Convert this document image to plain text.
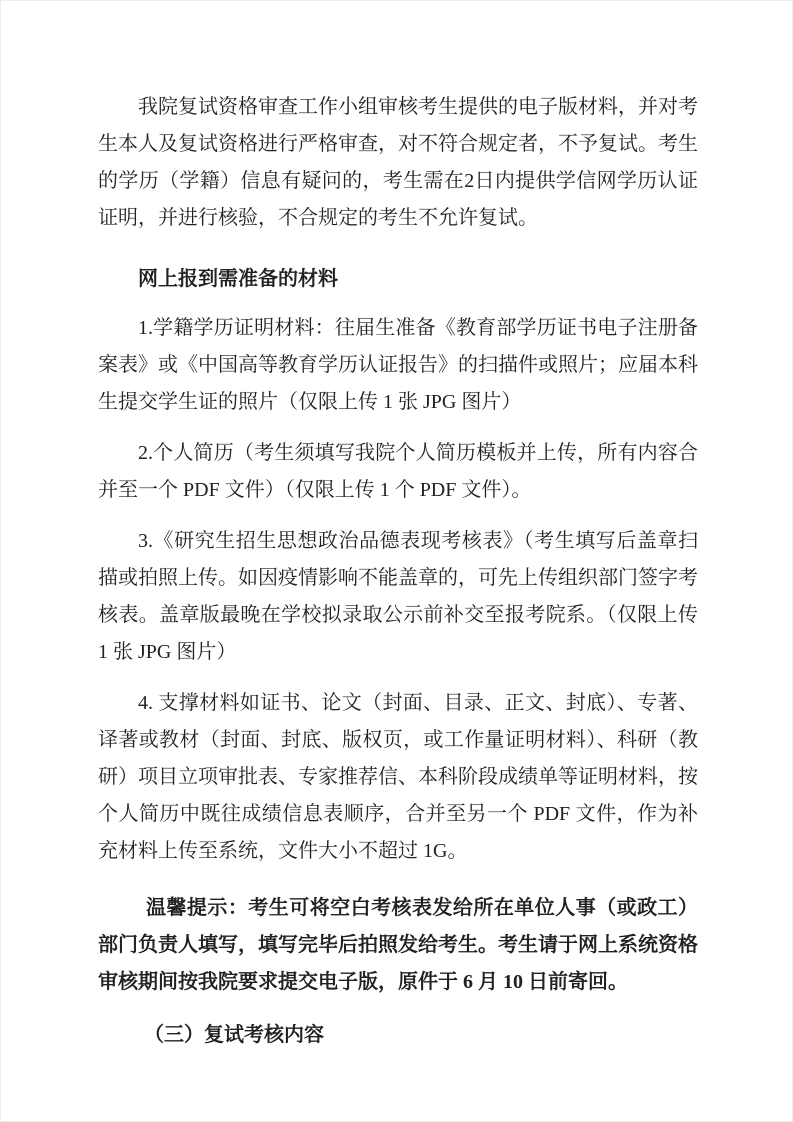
我院复试资格审查工作小组审核考生提供的电子版材料，并对考生本人及复试资格进行严格审查，对不符合规定者，不予复试。考生的学历（学籍）信息有疑问的，考生需在2日内提供学信网学历认证证明，并进行核验，不合规定的考生不允许复试。

网上报到需准备的材料

1.学籍学历证明材料：往届生准备《教育部学历证书电子注册备案表》或《中国高等教育学历认证报告》的扫描件或照片；应届本科生提交学生证的照片（仅限上传 1 张 JPG 图片）

2.个人简历（考生须填写我院个人简历模板并上传，所有内容合并至一个 PDF 文件）（仅限上传 1 个 PDF 文件）。

3.《研究生招生思想政治品德表现考核表》（考生填写后盖章扫描或拍照上传。如因疫情影响不能盖章的，可先上传组织部门签字考核表。盖章版最晚在学校拟录取公示前补交至报考院系。（仅限上传 1 张 JPG 图片）

4. 支撑材料如证书、论文（封面、目录、正文、封底）、专著、译著或教材（封面、封底、版权页，或工作量证明材料）、科研（教研）项目立项审批表、专家推荐信、本科阶段成绩单等证明材料，按个人简历中既往成绩信息表顺序，合并至另一个 PDF 文件，作为补充材料上传至系统，文件大小不超过 1G。

温馨提示：考生可将空白考核表发给所在单位人事（或政工）部门负责人填写，填写完毕后拍照发给考生。考生请于网上系统资格审核期间按我院要求提交电子版，原件于 6 月 10 日前寄回。

（三）复试考核内容
